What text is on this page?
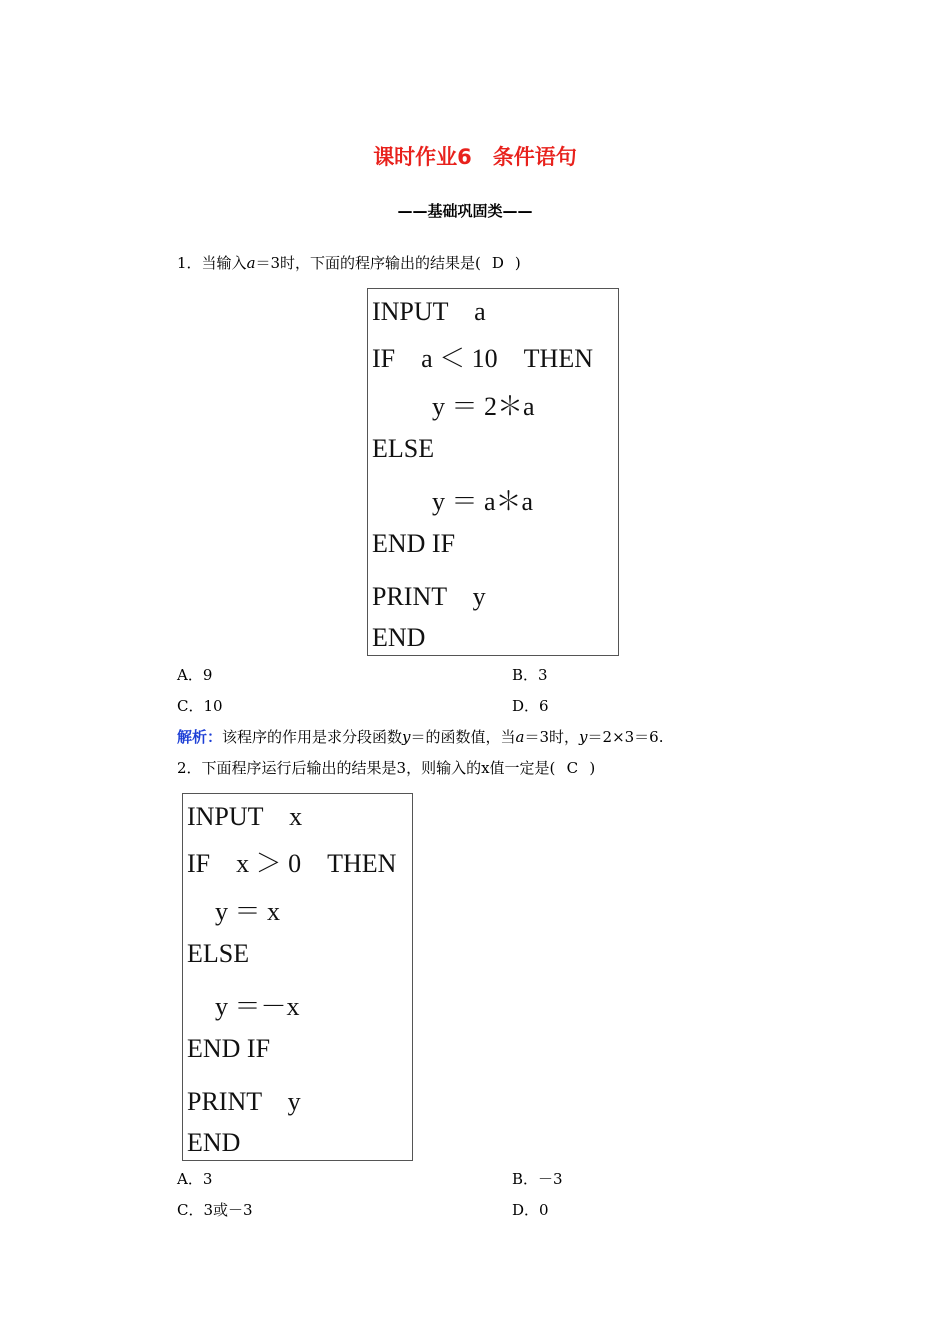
课时作业6　条件语句
——基础巩固类——
1．当输入a＝3时，下面的程序输出的结果是( D )
INPUT　a
IF　a ＜ 10　THEN
y ＝ 2＊a
ELSE
y ＝ a＊a
END IF
PRINT　y
END
A．9	B．3
C．10	D．6
解析：该程序的作用是求分段函数y＝的函数值，当a＝3时，y＝2×3＝6.
2．下面程序运行后输出的结果是3，则输入的x值一定是( C )
INPUT　x
IF　x ＞ 0　THEN
y ＝ x
ELSE
y ＝－x
END IF
PRINT　y
END
A．3	B．－3
C．3或－3	D．0
